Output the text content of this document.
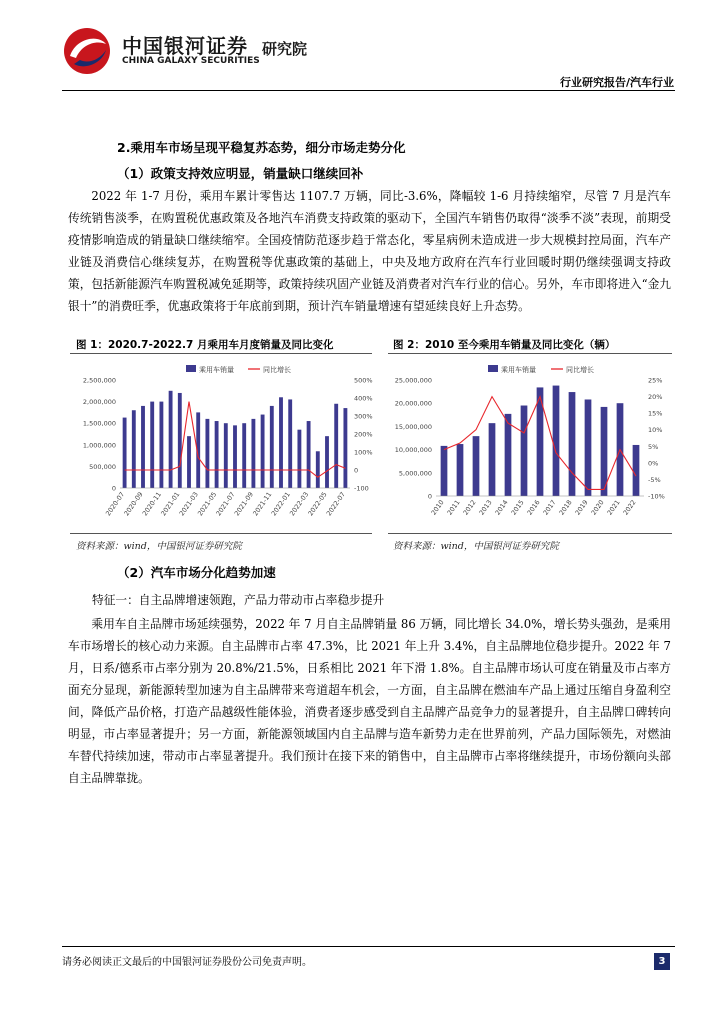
中国银河证券
CHINA GALAXY SECURITIES
研究院
行业研究报告/汽车行业
2.乘用车市场呈现平稳复苏态势，细分市场走势分化
（1）政策支持效应明显，销量缺口继续回补

2022 年 1-7 月份，乘用车累计零售达 1107.7 万辆，同比-3.6%，降幅较 1-6 月持续缩窄，尽管 7 月是汽车传统销售淡季，在购置税优惠政策及各地汽车消费支持政策的驱动下，全国汽车销售仍取得“淡季不淡”表现，前期受疫情影响造成的销量缺口继续缩窄。全国疫情防范逐步趋于常态化，零星病例未造成进一步大规模封控局面，汽车产业链及消费信心继续复苏，在购置税等优惠政策的基础上，中央及地方政府在汽车行业回暖时期仍继续强调支持政策，包括新能源汽车购置税减免延期等，政策持续巩固产业链及消费者对汽车行业的信心。另外，车市即将进入“金九银十”的消费旺季，优惠政策将于年底前到期，预计汽车销量增速有望延续良好上升态势。

图 1：2020.7-2022.7 月乘用车月度销量及同比变化	图 2：2010 至今乘用车销量及同比变化（辆）
乘用车销量	同比增长
0
500,000
1,000,000
1,500,000
2,000,000
2,500,000
-100
0
100%
200%
300%
400%
500%
2020-07
2020-09
2020-11
2021-01
2021-03
2021-05
2021-07
2021-09
2021-11
2022-01
2022-03
2022-05
2022-07
乘用车销量	同比增长
0
5,000,000
10,000,000
15,000,000
20,000,000
25,000,000
-10%
-5%
0%
5%
10%
15%
20%
25%
2010 2011 2012 2013 2014 2015 2016 2017 2018 2019 2020 2021 2022
资料来源：wind，中国银河证券研究院	资料来源：wind，中国银河证券研究院
（2）汽车市场分化趋势加速
特征一：自主品牌增速领跑，产品力带动市占率稳步提升

乘用车自主品牌市场延续强势，2022 年 7 月自主品牌销量 86 万辆，同比增长 34.0%，增长势头强劲，是乘用车市场增长的核心动力来源。自主品牌市占率 47.3%，比 2021 年上升 3.4%，自主品牌地位稳步提升。2022 年 7 月，日系/德系市占率分别为 20.8%/21.5%，日系相比 2021 年下滑 1.8%。自主品牌市场认可度在销量及市占率方面充分显现，新能源转型加速为自主品牌带来弯道超车机会，一方面，自主品牌在燃油车产品上通过压缩自身盈利空间，降低产品价格，打造产品越级性能体验，消费者逐步感受到自主品牌产品竞争力的显著提升，自主品牌口碑转向明显，市占率显著提升；另一方面，新能源领域国内自主品牌与造车新势力走在世界前列，产品力国际领先，对燃油车替代持续加速，带动市占率显著提升。我们预计在接下来的销售中，自主品牌市占率将继续提升，市场份额向头部自主品牌靠拢。

请务必阅读正文最后的中国银河证券股份公司免责声明。	3
